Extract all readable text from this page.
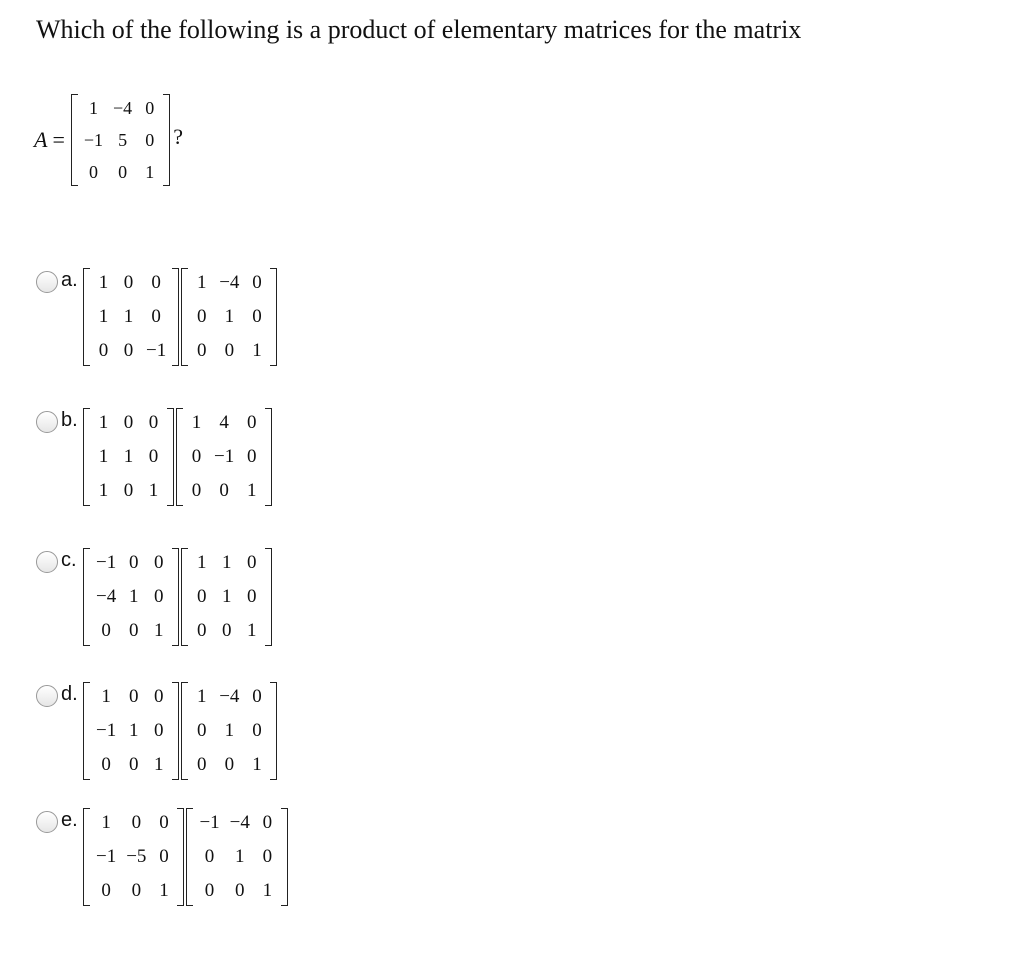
Which of the following is a product of elementary matrices for the matrix
A =
1	−4	0
−1	5	0
0	0	1
?
a. 1	0	0
1	1	0
0	0	−1
1	−4	0
0	1	0
0	0	1
b. 1	0	0
1	1	0
1	0	1
1	4	0
0	−1	0
0	0	1
c. −1	0	0
−4	1	0
0	0	1
1	1	0
0	1	0
0	0	1
d. 1	0	0
−1	1	0
0	0	1
1	−4	0
0	1	0
0	0	1
e. 1	0	0
−1	−5	0
0	0	1
−1	−4	0
0	1	0
0	0	1
